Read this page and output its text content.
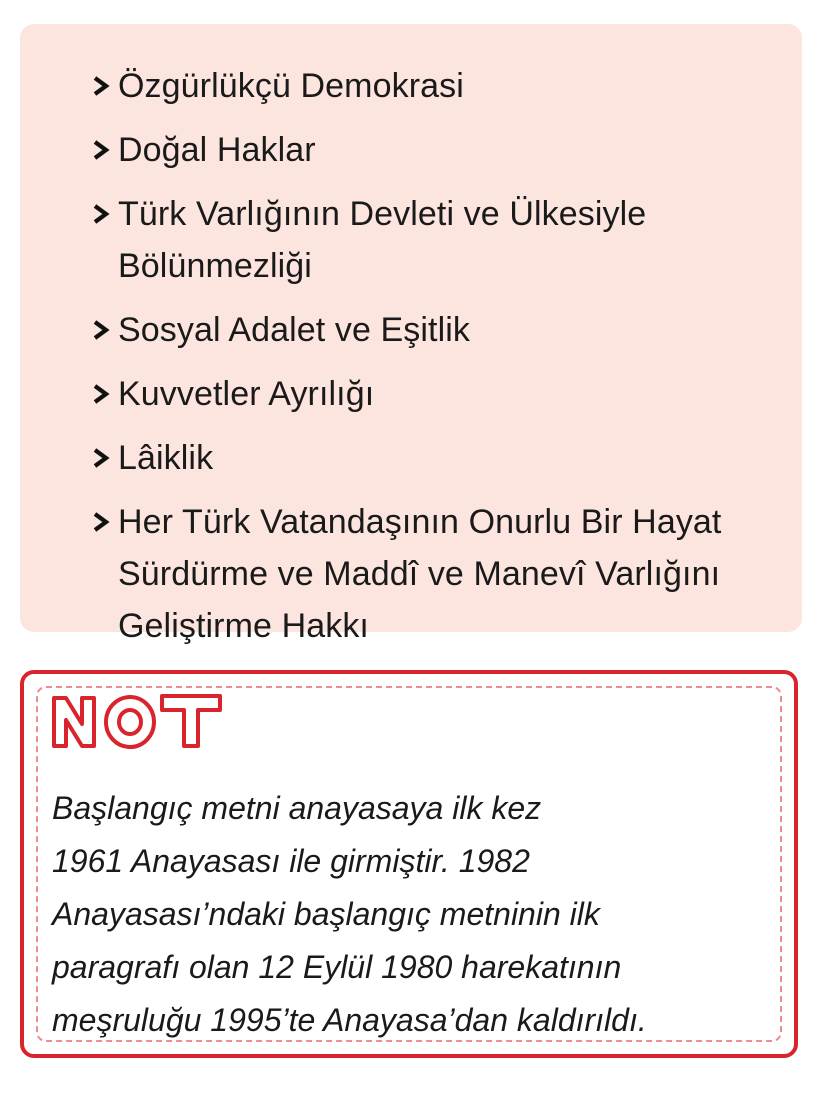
Özgürlükçü Demokrasi
Doğal Haklar
Türk Varlığının Devleti ve Ülkesiyle
Bölünmezliği
Sosyal Adalet ve Eşitlik
Kuvvetler Ayrılığı
Lâiklik
Her Türk Vatandaşının Onurlu Bir Hayat
Sürdürme ve Maddî ve Manevî Varlığını
Geliştirme Hakkı
Başlangıç metni anayasaya ilk kez
1961 Anayasası ile girmiştir. 1982
Anayasası’ndaki başlangıç metninin ilk
paragrafı olan 12 Eylül 1980 harekatının
meşruluğu 1995’te Anayasa’dan kaldırıldı.
